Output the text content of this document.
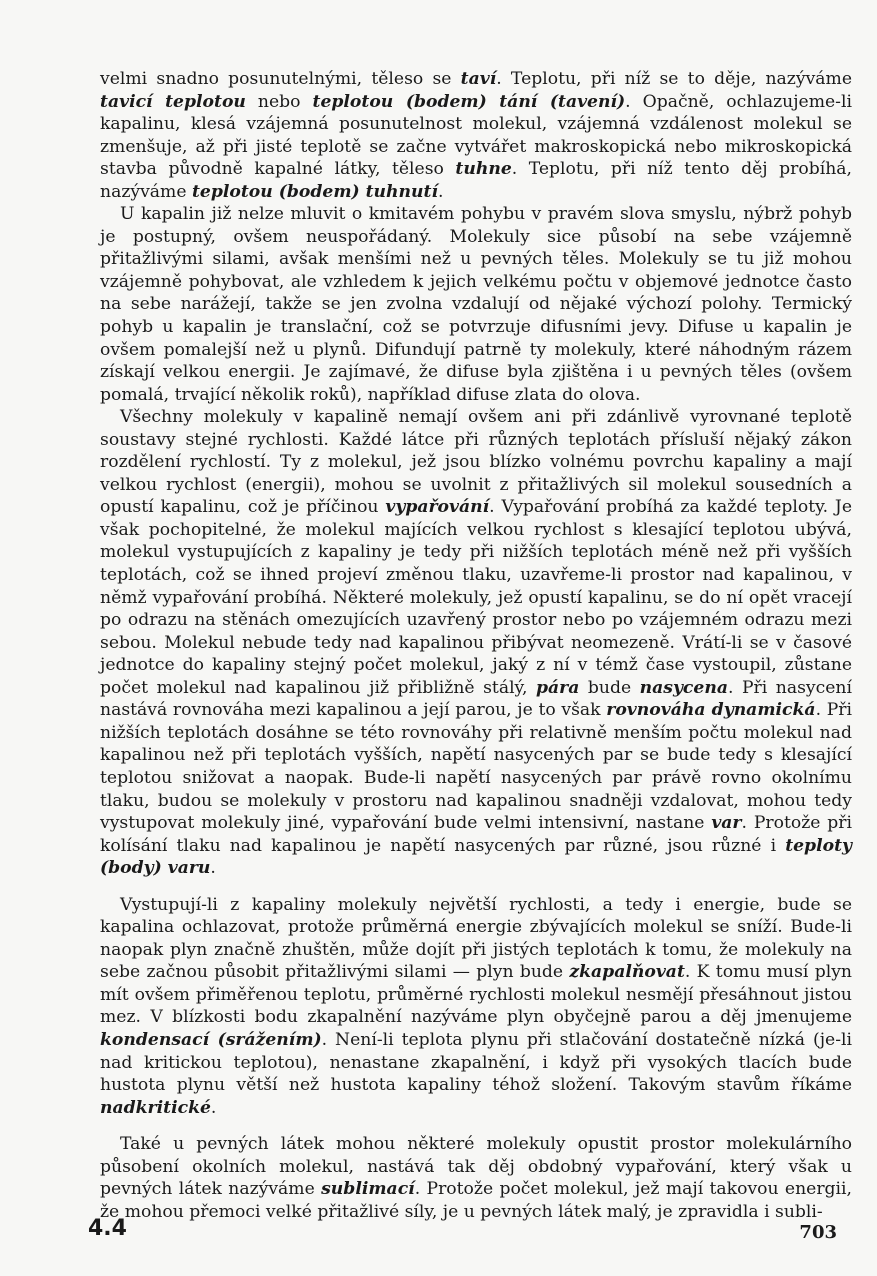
velmi snadno posunutelnými, těleso se taví. Teplotu, při níž se to děje, nazýváme tavicí teplotou nebo teplotou (bodem) tání (tavení). Opačně, ochlazujeme-li kapalinu, klesá vzájemná posunutelnost molekul, vzájemná vzdálenost molekul se zmenšuje, až při jisté teplotě se začne vytvářet makroskopická nebo mikroskopická stavba původně kapalné látky, těleso tuhne. Teplotu, při níž tento děj probíhá, nazýváme teplotou (bodem) tuhnutí.

U kapalin již nelze mluvit o kmitavém pohybu v pravém slova smyslu, nýbrž pohyb je postupný, ovšem neuspořádaný. Molekuly sice působí na sebe vzájemně přitažlivými silami, avšak menšími než u pevných těles. Molekuly se tu již mohou vzájemně pohybovat, ale vzhledem k jejich velkému počtu v objemové jednotce často na sebe narážejí, takže se jen zvolna vzdalují od nějaké výchozí polohy. Termický pohyb u kapalin je translační, což se potvrzuje difusními jevy. Difuse u kapalin je ovšem pomalejší než u plynů. Difundují patrně ty molekuly, které náhodným rázem získají velkou energii. Je zajímavé, že difuse byla zjištěna i u pevných těles (ovšem pomalá, trvající několik roků), například difuse zlata do olova.

Všechny molekuly v kapalině nemají ovšem ani při zdánlivě vyrovnané teplotě soustavy stejné rychlosti. Každé látce při různých teplotách přísluší nějaký zákon rozdělení rychlostí. Ty z molekul, jež jsou blízko volnému povrchu kapaliny a mají velkou rychlost (energii), mohou se uvolnit z přitažlivých sil molekul sousedních a opustí kapalinu, což je příčinou vypařování. Vypařování probíhá za každé teploty. Je však pochopitelné, že molekul majících velkou rychlost s klesající teplotou ubývá, molekul vystupujících z kapaliny je tedy při nižších teplotách méně než při vyšších teplotách, což se ihned projeví změnou tlaku, uzavřeme-li prostor nad kapalinou, v němž vypařování probíhá. Některé molekuly, jež opustí kapalinu, se do ní opět vracejí po odrazu na stěnách omezujících uzavřený prostor nebo po vzájemném odrazu mezi sebou. Molekul nebude tedy nad kapalinou přibývat neomezeně. Vrátí-li se v časové jednotce do kapaliny stejný počet molekul, jaký z ní v témž čase vystoupil, zůstane počet molekul nad kapalinou již přibližně stálý, pára bude nasycena. Při nasycení nastává rovnováha mezi kapalinou a její parou, je to však rovnováha dynamická. Při nižších teplotách dosáhne se této rovnováhy při relativně menším počtu molekul nad kapalinou než při teplotách vyšších, napětí nasycených par se bude tedy s klesající teplotou snižovat a naopak. Bude-li napětí nasycených par právě rovno okolnímu tlaku, budou se molekuly v prostoru nad kapalinou snadněji vzdalovat, mohou tedy vystupovat molekuly jiné, vypařování bude velmi intensivní, nastane var. Protože při kolísání tlaku nad kapalinou je napětí nasycených par různé, jsou různé i teploty (body) varu.

Vystupují-li z kapaliny molekuly největší rychlosti, a tedy i energie, bude se kapalina ochlazovat, protože průměrná energie zbývajících molekul se sníží. Bude-li naopak plyn značně zhuštěn, může dojít při jistých teplotách k tomu, že molekuly na sebe začnou působit přitažlivými silami — plyn bude zkapalňovat. K tomu musí plyn mít ovšem přiměřenou teplotu, průměrné rychlosti molekul nesmějí přesáhnout jistou mez. V blízkosti bodu zkapalnění nazýváme plyn obyčejně parou a děj jmenujeme kondensací (srážením). Není-li teplota plynu při stlačování dostatečně nízká (je-li nad kritickou teplotou), nenastane zkapalnění, i když při vysokých tlacích bude hustota plynu větší než hustota kapaliny téhož složení. Takovým stavům říkáme nadkritické.

Také u pevných látek mohou některé molekuly opustit prostor molekulárního působení okolních molekul, nastává tak děj obdobný vypařování, který však u pevných látek nazýváme sublimací. Protože počet molekul, jež mají takovou energii, že mohou přemoci velké přitažlivé síly, je u pevných látek malý, je zpravidla i subli-

4.4	703
